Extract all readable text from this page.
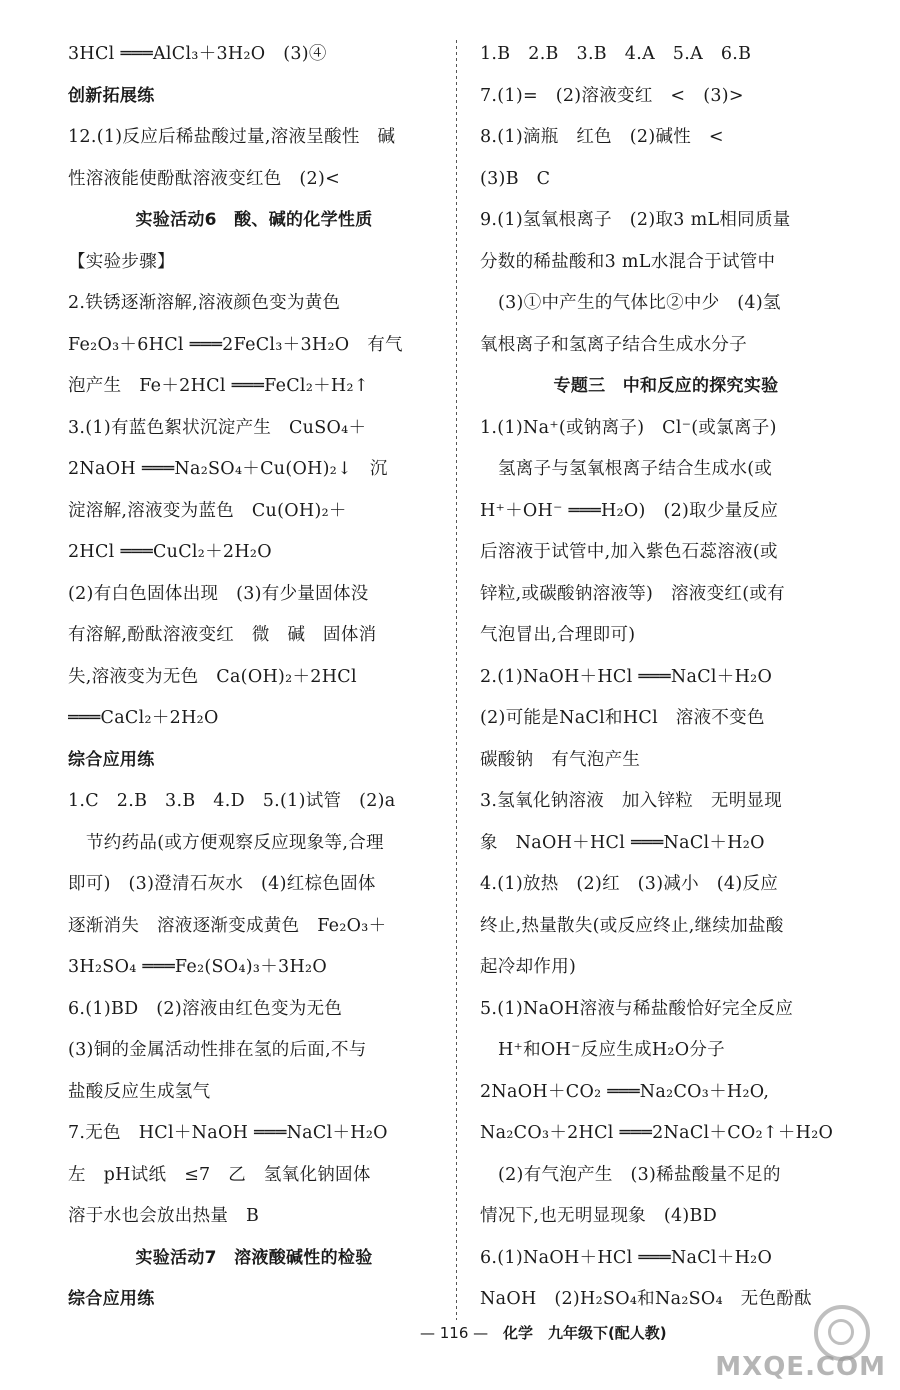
3HCl ═══AlCl₃＋3H₂O　(3)④
创新拓展练
12.(1)反应后稀盐酸过量,溶液呈酸性　碱
性溶液能使酚酞溶液变红色　(2)<
实验活动6　酸、碱的化学性质
【实验步骤】
2.铁锈逐渐溶解,溶液颜色变为黄色
Fe₂O₃＋6HCl ═══2FeCl₃＋3H₂O　有气
泡产生　Fe＋2HCl ═══FeCl₂＋H₂↑
3.(1)有蓝色絮状沉淀产生　CuSO₄＋
2NaOH ═══Na₂SO₄＋Cu(OH)₂↓　沉
淀溶解,溶液变为蓝色　Cu(OH)₂＋
2HCl ═══CuCl₂＋2H₂O
(2)有白色固体出现　(3)有少量固体没
有溶解,酚酞溶液变红　微　碱　固体消
失,溶液变为无色　Ca(OH)₂＋2HCl
═══CaCl₂＋2H₂O
综合应用练
1.C　2.B　3.B　4.D　5.(1)试管　(2)a
节约药品(或方便观察反应现象等,合理
即可)　(3)澄清石灰水　(4)红棕色固体
逐渐消失　溶液逐渐变成黄色　Fe₂O₃＋
3H₂SO₄ ═══Fe₂(SO₄)₃＋3H₂O
6.(1)BD　(2)溶液由红色变为无色
(3)铜的金属活动性排在氢的后面,不与
盐酸反应生成氢气
7.无色　HCl＋NaOH ═══NaCl＋H₂O
左　pH试纸　≤7　乙　氢氧化钠固体
溶于水也会放出热量　B
实验活动7　溶液酸碱性的检验
综合应用练
1.B　2.B　3.B　4.A　5.A　6.B
7.(1)=　(2)溶液变红　<　(3)>
8.(1)滴瓶　红色　(2)碱性　<
(3)B　C
9.(1)氢氧根离子　(2)取3 mL相同质量
分数的稀盐酸和3 mL水混合于试管中
(3)①中产生的气体比②中少　(4)氢
氧根离子和氢离子结合生成水分子
专题三　中和反应的探究实验
1.(1)Na⁺(或钠离子)　Cl⁻(或氯离子)
氢离子与氢氧根离子结合生成水(或
H⁺＋OH⁻ ═══H₂O)　(2)取少量反应
后溶液于试管中,加入紫色石蕊溶液(或
锌粒,或碳酸钠溶液等)　溶液变红(或有
气泡冒出,合理即可)
2.(1)NaOH＋HCl ═══NaCl＋H₂O
(2)可能是NaCl和HCl　溶液不变色
碳酸钠　有气泡产生
3.氢氧化钠溶液　加入锌粒　无明显现
象　NaOH＋HCl ═══NaCl＋H₂O
4.(1)放热　(2)红　(3)减小　(4)反应
终止,热量散失(或反应终止,继续加盐酸
起冷却作用)
5.(1)NaOH溶液与稀盐酸恰好完全反应
H⁺和OH⁻反应生成H₂O分子
2NaOH＋CO₂ ═══Na₂CO₃＋H₂O,
Na₂CO₃＋2HCl ═══2NaCl＋CO₂↑＋H₂O
(2)有气泡产生　(3)稀盐酸量不足的
情况下,也无明显现象　(4)BD
6.(1)NaOH＋HCl ═══NaCl＋H₂O
NaOH　(2)H₂SO₄和Na₂SO₄　无色酚酞
— 116 — 化学　九年级下(配人教)
MXQE.COM
